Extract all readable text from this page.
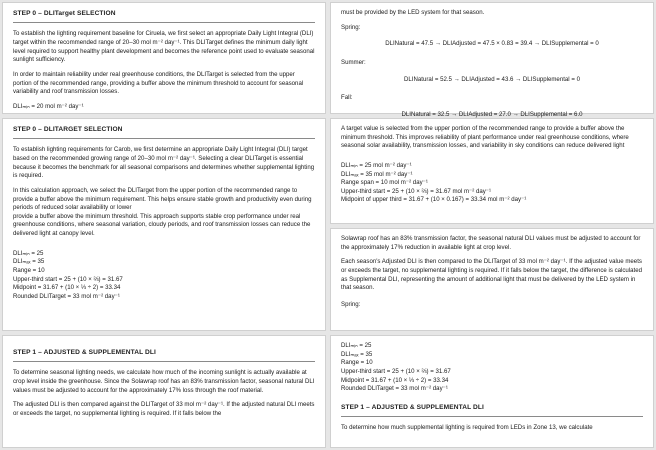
STEP 0 – DLITarget SELECTION

To establish the lighting requirement baseline for Ciruela, we first select an appropriate Daily Light Integral (DLI) target within the recommended range of 20–30 mol m⁻² day⁻¹. This DLITarget defines the minimum daily light level required to support healthy plant development and becomes the reference point used to evaluate seasonal sunlight sufficiency.

In order to maintain reliability under real greenhouse conditions, the DLITarget is selected from the upper portion of the recommended range, providing a buffer above the minimum threshold to account for seasonal variability and roof transmission losses.

DLIₘᵢₙ = 20 mol m⁻² day⁻¹

STEP 0 – DLITARGET SELECTION

To establish lighting requirements for Carob, we first determine an appropriate Daily Light Integral (DLI) target based on the recommended growing range of 20–30 mol m⁻² day⁻¹. Selecting a clear DLITarget is essential because it becomes the benchmark for all seasonal comparisons and determines whether supplemental lighting is required.

In this calculation approach, we select the DLITarget from the upper portion of the recommended range to provide a buffer above the minimum requirement. This helps ensure stable growth and productivity even during periods of reduced solar availability or lower

provide a buffer above the minimum threshold. This approach supports stable crop performance under real greenhouse conditions, where seasonal variation, cloudy periods, and roof transmission losses can reduce the delivered light at canopy level.

DLIₘᵢₙ = 25

DLIₘₐₓ = 35

Range = 10

Upper-third start = 25 + (10 × ⅔) = 31.67

Midpoint = 31.67 + (10 × ⅓ ÷ 2) = 33.34

Rounded DLITarget = 33 mol m⁻² day⁻¹

STEP 1 – ADJUSTED & SUPPLEMENTAL DLI

To determine seasonal lighting needs, we calculate how much of the incoming sunlight is actually available at crop level inside the greenhouse. Since the Solawrap roof has an 83% transmission factor, seasonal natural DLI values must be adjusted to account for the approximately 17% loss through the roof material.

The adjusted DLI is then compared against the DLITarget of 33 mol m⁻² day⁻¹. If the adjusted natural DLI meets or exceeds the target, no supplemental lighting is required. If it falls below the

must be provided by the LED system for that season.

Spring:

DLINatural = 47.5 → DLIAdjusted = 47.5 × 0.83 = 39.4 → DLISupplemental = 0

Summer:

DLINatural = 52.5 → DLIAdjusted = 43.6 → DLISupplemental = 0

Fall:

DLINatural = 32.5 → DLIAdjusted = 27.0 → DLISupplemental = 6.0

A target value is selected from the upper portion of the recommended range to provide a buffer above the minimum threshold. This improves reliability of plant performance under real greenhouse conditions, where seasonal solar availability, transmission losses, and variability in sky conditions can reduce delivered light

DLIₘᵢₙ = 25 mol m⁻² day⁻¹

DLIₘₐₓ = 35 mol m⁻² day⁻¹

Range span = 10 mol m⁻² day⁻¹

Upper-third start = 25 + (10 × ⅔) = 31.67 mol m⁻² day⁻¹

Midpoint of upper third = 31.67 + (10 × 0.167) = 33.34 mol m⁻² day⁻¹

Solawrap roof has an 83% transmission factor, the seasonal natural DLI values must be adjusted to account for the approximately 17% reduction in available light at crop level.

Each season's Adjusted DLI is then compared to the DLITarget of 33 mol m⁻² day⁻¹. If the adjusted value meets or exceeds the target, no supplemental lighting is required. If it falls below the target, the difference is calculated as Supplemental DLI, representing the amount of additional light that must be delivered by the LED system in that season.

Spring:

DLIₘᵢₙ = 25

DLIₘₐₓ = 35

Range = 10

Upper-third start = 25 + (10 × ⅔) = 31.67

Midpoint = 31.67 + (10 × ⅓ ÷ 2) = 33.34

Rounded DLITarget = 33 mol m⁻² day⁻¹

STEP 1 – ADJUSTED & SUPPLEMENTAL DLI

To determine how much supplemental lighting is required from LEDs in Zone 13, we calculate
